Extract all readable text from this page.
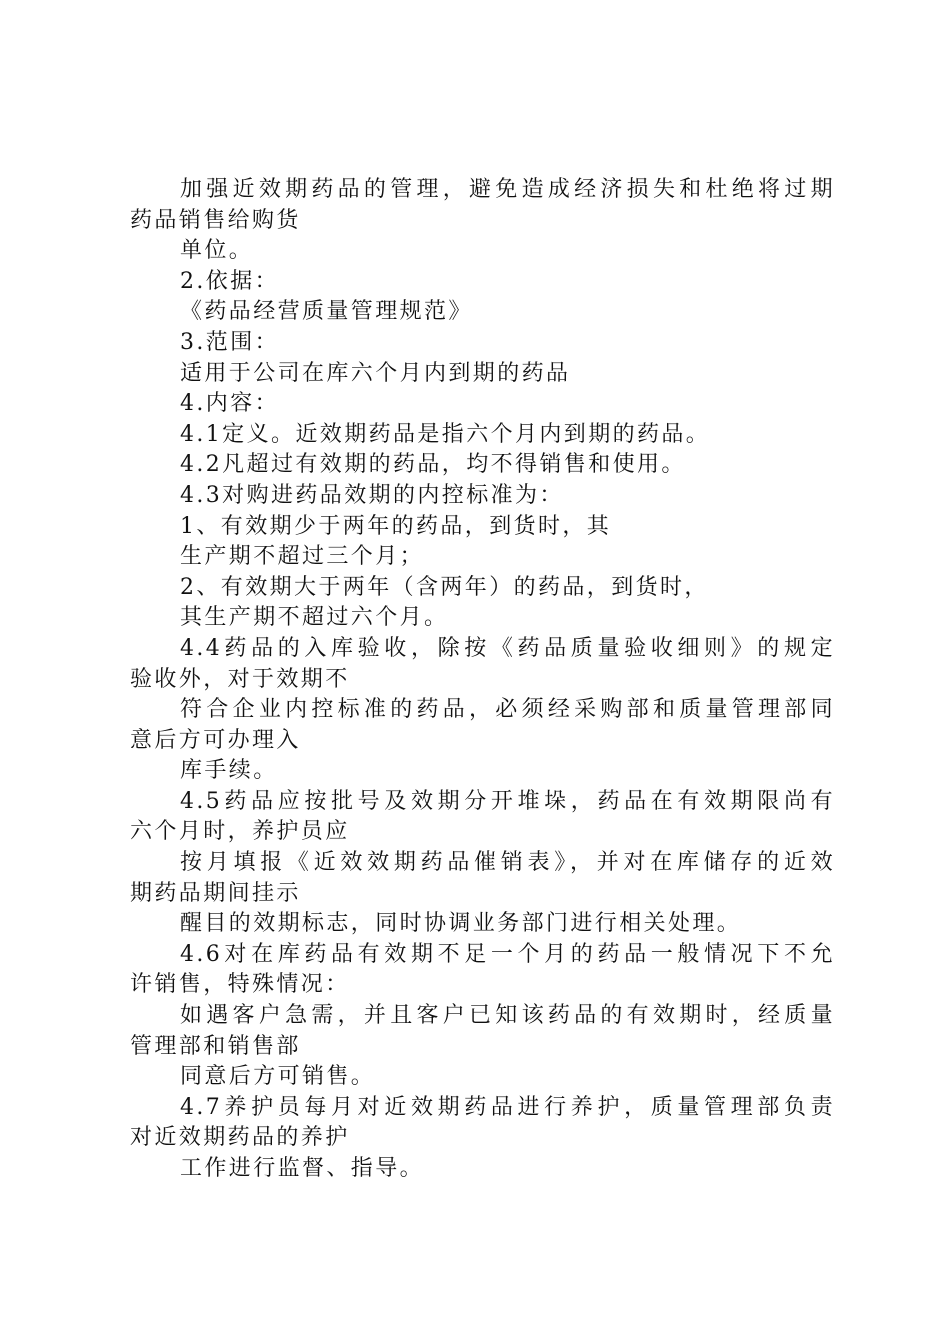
加强近效期药品的管理，避免造成经济损失和杜绝将过期
药品销售给购货
单位。
2.依据：
《药品经营质量管理规范》
3.范围：
适用于公司在库六个月内到期的药品
4.内容：
4.1定义。近效期药品是指六个月内到期的药品。
4.2凡超过有效期的药品，均不得销售和使用。
4.3对购进药品效期的内控标准为：
1、有效期少于两年的药品，到货时，其
生产期不超过三个月；
2、有效期大于两年（含两年）的药品，到货时，
其生产期不超过六个月。
4.4药品的入库验收，除按《药品质量验收细则》的规定
验收外，对于效期不
符合企业内控标准的药品，必须经采购部和质量管理部同
意后方可办理入
库手续。
4.5药品应按批号及效期分开堆垛，药品在有效期限尚有
六个月时，养护员应
按月填报《近效效期药品催销表》，并对在库储存的近效
期药品期间挂示
醒目的效期标志，同时协调业务部门进行相关处理。
4.6对在库药品有效期不足一个月的药品一般情况下不允
许销售，特殊情况：
如遇客户急需，并且客户已知该药品的有效期时，经质量
管理部和销售部
同意后方可销售。
4.7养护员每月对近效期药品进行养护，质量管理部负责
对近效期药品的养护
工作进行监督、指导。
